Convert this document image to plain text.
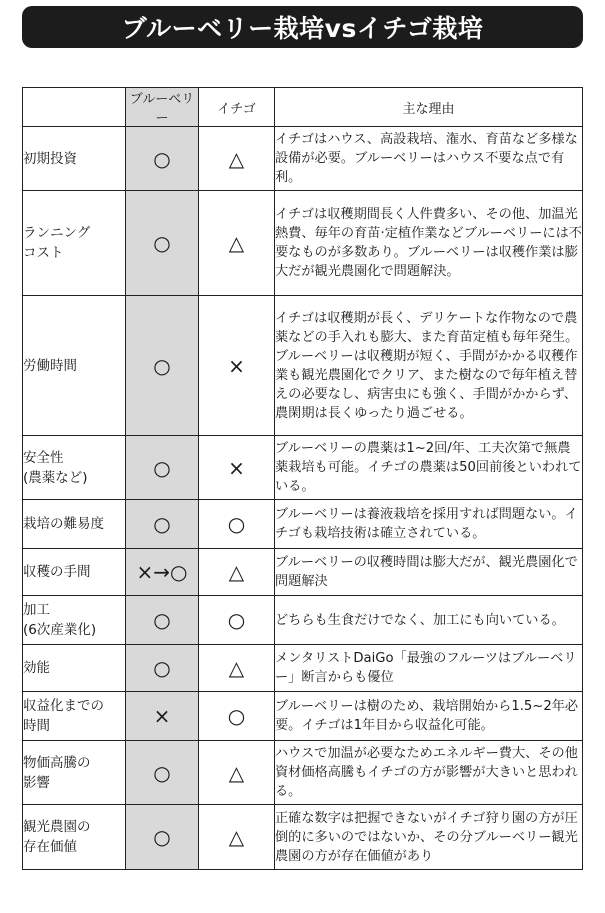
ブルーベリー栽培vsイチゴ栽培
	ブルーベリー	イチゴ	主な理由

初期投資	○	△	イチゴはハウス、高設栽培、潅水、育苗など多様な設備が必要。ブルーベリーはハウス不要な点で有利。

ランニング
コスト	○	△	イチゴは収穫期間長く人件費多い、その他、加温光熱費、毎年の育苗·定植作業などブルーベリーには不要なものが多数あり。ブルーベリーは収穫作業は膨大だが観光農園化で問題解決。

労働時間	○	×	イチゴは収穫期が長く、デリケートな作物なので農薬などの手入れも膨大、また育苗定植も毎年発生。ブルーベリーは収穫期が短く、手間がかかる収穫作業も観光農園化でクリア、また樹なので毎年植え替えの必要なし、病害虫にも強く、手間がかからず、農閑期は長くゆったり過ごせる。

安全性
(農薬など)	○	×	ブルーベリーの農薬は1~2回/年、工夫次第で無農薬栽培も可能。イチゴの農薬は50回前後といわれている。

栽培の難易度	○	○	ブルーベリーは養液栽培を採用すれば問題ない。イチゴも栽培技術は確立されている。

収穫の手間	×→○	△	ブルーベリーの収穫時間は膨大だが、観光農園化で問題解決

加工
(6次産業化)	○	○	どちらも生食だけでなく、加工にも向いている。

効能	○	△	メンタリストDaiGo「最強のフルーツはブルーベリー」断言からも優位

収益化までの
時間	×	○	ブルーベリーは樹のため、栽培開始から1.5~2年必要。イチゴは1年目から収益化可能。

物価高騰の
影響	○	△	ハウスで加温が必要なためエネルギー費大、その他資材価格高騰もイチゴの方が影響が大きいと思われる。

観光農園の
存在価値	○	△	正確な数字は把握できないがイチゴ狩り園の方が圧倒的に多いのではないか、その分ブルーベリー観光農園の方が存在価値があり
